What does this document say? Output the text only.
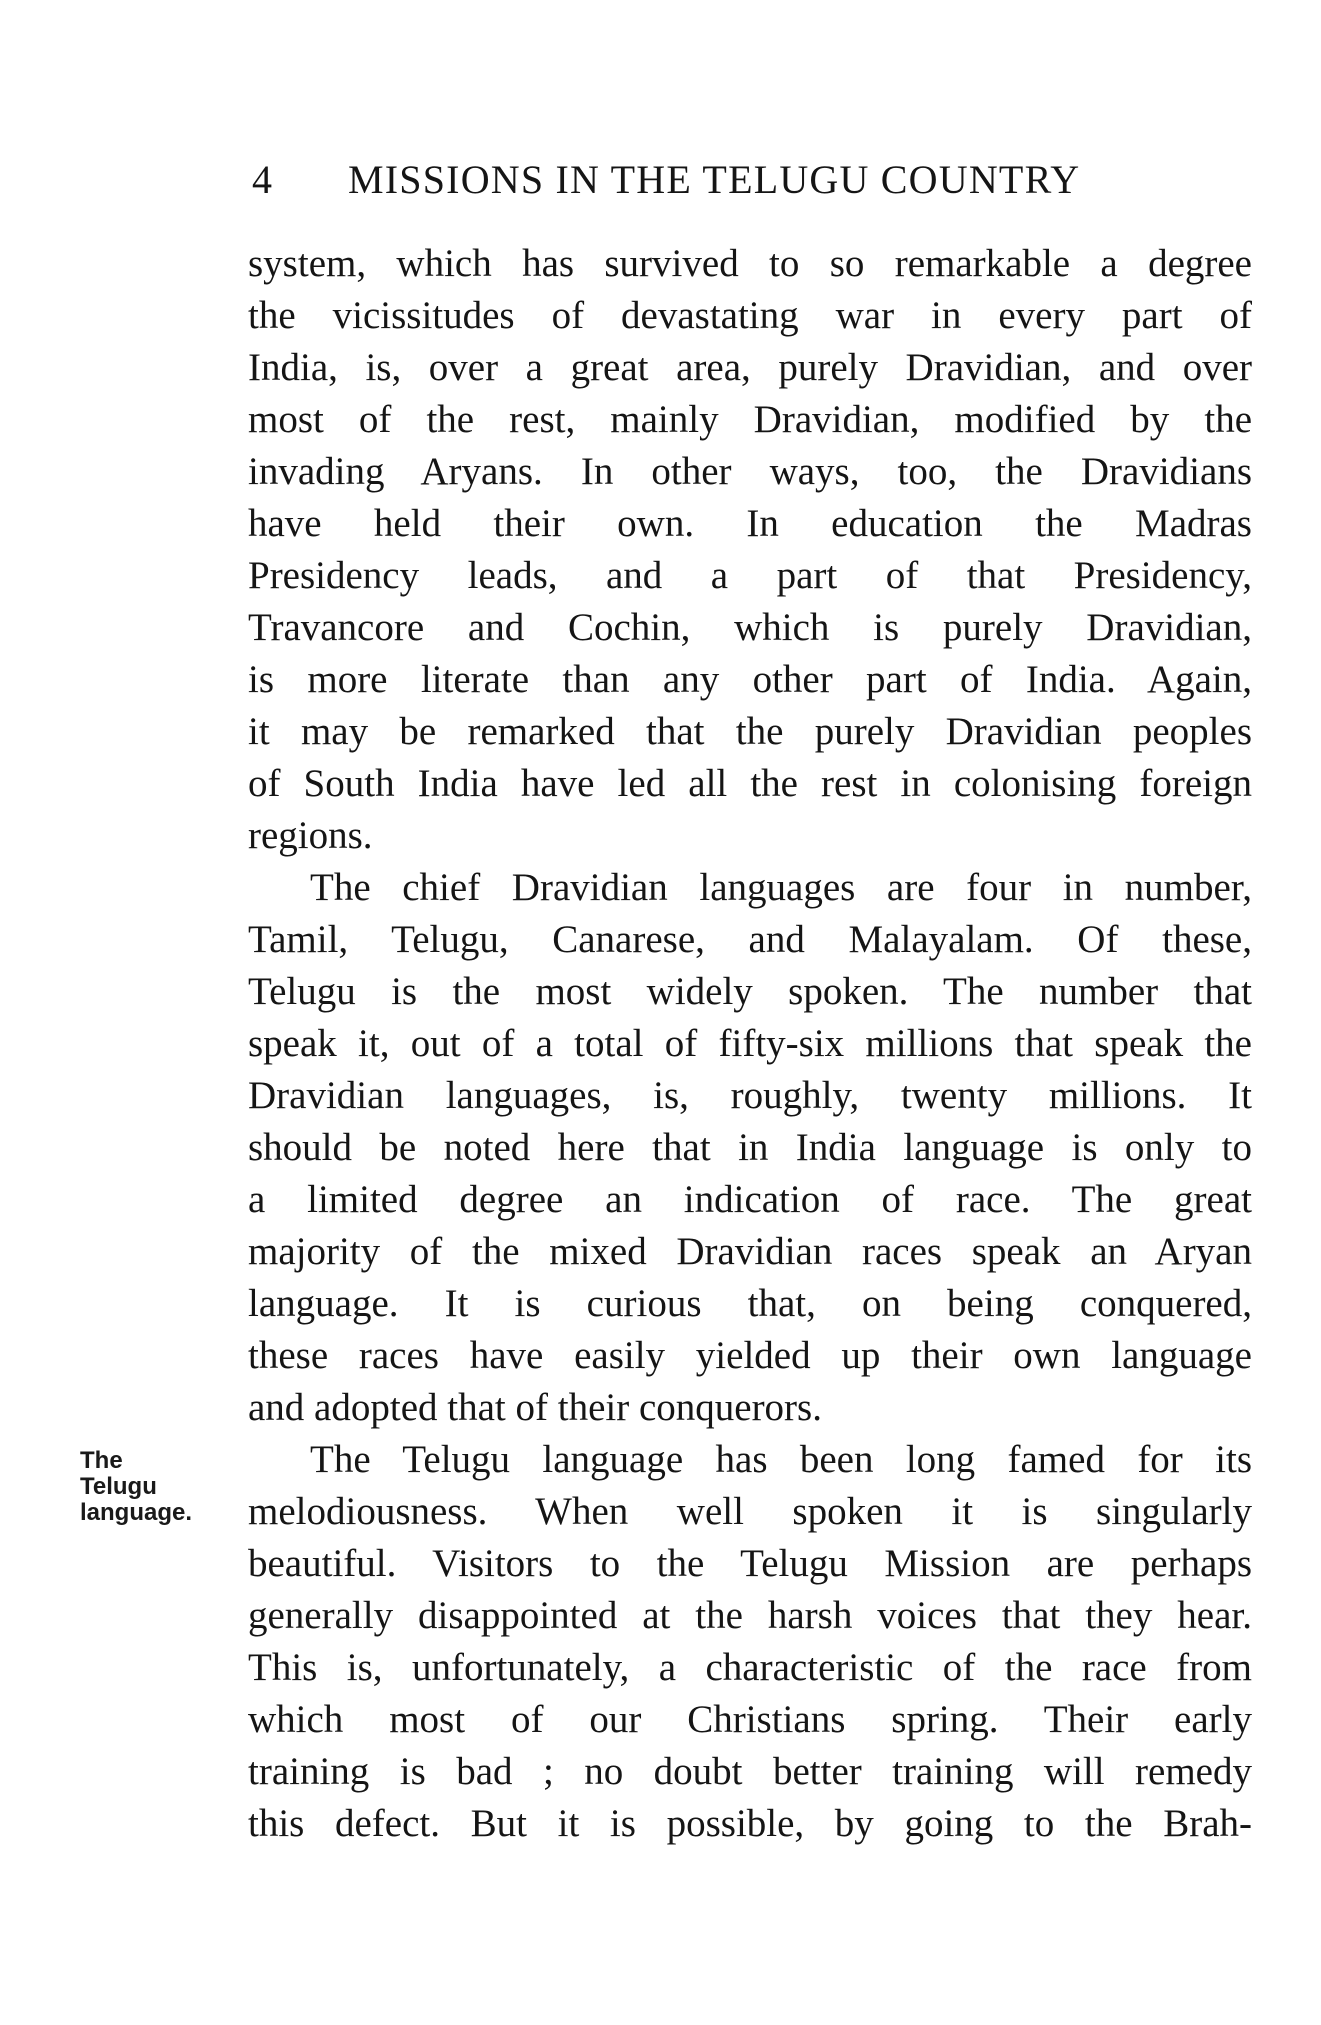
4 MISSIONS IN THE TELUGU COUNTRY
system, which has survived to so remarkable a degree
the vicissitudes of devastating war in every part of
India, is, over a great area, purely Dravidian, and over
most of the rest, mainly Dravidian, modified by the
invading Aryans. In other ways, too, the Dravidians
have held their own. In education the Madras
Presidency leads, and a part of that Presidency,
Travancore and Cochin, which is purely Dravidian,
is more literate than any other part of India. Again,
it may be remarked that the purely Dravidian peoples
of South India have led all the rest in colonising foreign
regions.
The chief Dravidian languages are four in number,
Tamil, Telugu, Canarese, and Malayalam. Of these,
Telugu is the most widely spoken. The number that
speak it, out of a total of fifty-six millions that speak the
Dravidian languages, is, roughly, twenty millions. It
should be noted here that in India language is only to
a limited degree an indication of race. The great
majority of the mixed Dravidian races speak an Aryan
language. It is curious that, on being conquered,
these races have easily yielded up their own language
and adopted that of their conquerors.
The Telugu language has been long famed for its
melodiousness. When well spoken it is singularly
beautiful. Visitors to the Telugu Mission are perhaps
generally disappointed at the harsh voices that they hear.
This is, unfortunately, a characteristic of the race from
which most of our Christians spring. Their early
training is bad ; no doubt better training will remedy
this defect. But it is possible, by going to the Brah-
The
Telugu
language.
